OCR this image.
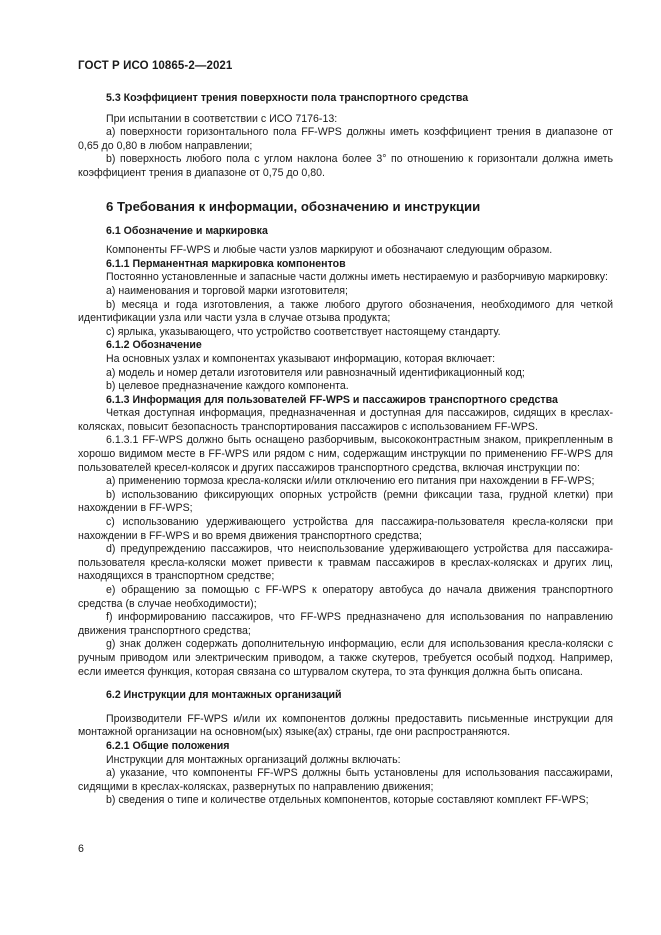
ГОСТ Р ИСО 10865-2—2021

5.3 Коэффициент трения поверхности пола транспортного средства

При испытании в соответствии с ИСО 7176-13:

а) поверхности горизонтального пола FF-WPS должны иметь коэффициент трения в диапазоне от 0,65 до 0,80 в любом направлении;

b) поверхность любого пола с углом наклона более 3° по отношению к горизонтали должна иметь коэффициент трения в диапазоне от 0,75 до 0,80.

6 Требования к информации, обозначению и инструкции

6.1 Обозначение и маркировка

Компоненты FF-WPS и любые части узлов маркируют и обозначают следующим образом.

6.1.1 Перманентная маркировка компонентов

Постоянно установленные и запасные части должны иметь нестираемую и разборчивую маркировку:

а) наименования и торговой марки изготовителя;

b) месяца и года изготовления, а также любого другого обозначения, необходимого для четкой идентификации узла или части узла в случае отзыва продукта;

с) ярлыка, указывающего, что устройство соответствует настоящему стандарту.

6.1.2 Обозначение

На основных узлах и компонентах указывают информацию, которая включает:

а) модель и номер детали изготовителя или равнозначный идентификационный код;

b) целевое предназначение каждого компонента.

6.1.3 Информация для пользователей FF-WPS и пассажиров транспортного средства

Четкая доступная информация, предназначенная и доступная для пассажиров, сидящих в креслах-колясках, повысит безопасность транспортирования пассажиров с использованием FF-WPS.

6.1.3.1 FF-WPS должно быть оснащено разборчивым, высококонтрастным знаком, прикрепленным в хорошо видимом месте в FF-WPS или рядом с ним, содержащим инструкции по применению FF-WPS для пользователей кресел-колясок и других пассажиров транспортного средства, включая инструкции по:

а) применению тормоза кресла-коляски и/или отключению его питания при нахождении в FF-WPS;

b) использованию фиксирующих опорных устройств (ремни фиксации таза, грудной клетки) при нахождении в FF-WPS;

с) использованию удерживающего устройства для пассажира-пользователя кресла-коляски при нахождении в FF-WPS и во время движения транспортного средства;

d) предупреждению пассажиров, что неиспользование удерживающего устройства для пассажира-пользователя кресла-коляски может привести к травмам пассажиров в креслах-колясках и других лиц, находящихся в транспортном средстве;

е) обращению за помощью с FF-WPS к оператору автобуса до начала движения транспортного средства (в случае необходимости);

f) информированию пассажиров, что FF-WPS предназначено для использования по направлению движения транспортного средства;

g) знак должен содержать дополнительную информацию, если для использования кресла-коляски с ручным приводом или электрическим приводом, а также скутеров, требуется особый подход. Например, если имеется функция, которая связана со штурвалом скутера, то эта функция должна быть описана.

6.2 Инструкции для монтажных организаций

Производители FF-WPS и/или их компонентов должны предоставить письменные инструкции для монтажной организации на основном(ых) языке(ах) страны, где они распространяются.

6.2.1 Общие положения

Инструкции для монтажных организаций должны включать:

а) указание, что компоненты FF-WPS должны быть установлены для использования пассажирами, сидящими в креслах-колясках, развернутых по направлению движения;

b) сведения о типе и количестве отдельных компонентов, которые составляют комплект FF-WPS;

6
